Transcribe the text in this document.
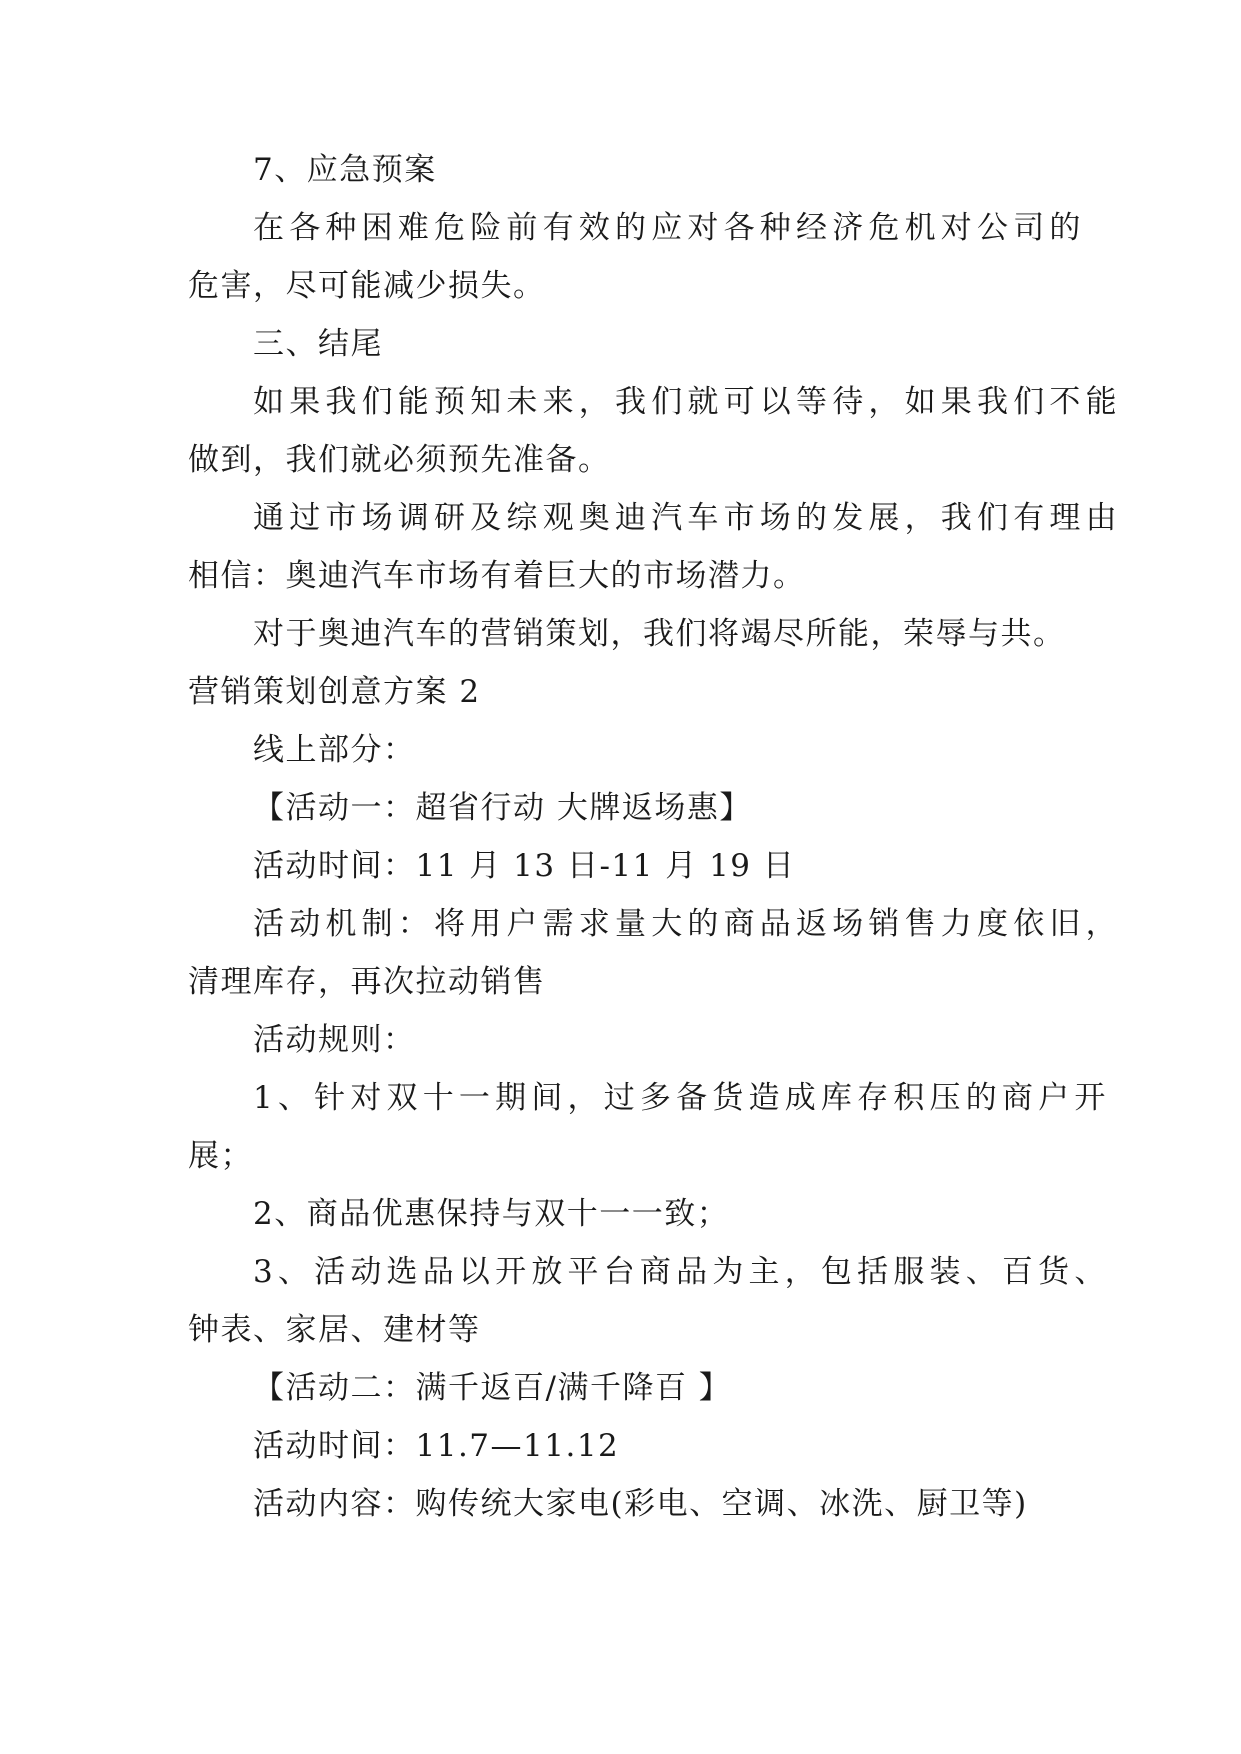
7、应急预案
在各种困难危险前有效的应对各种经济危机对公司的
危害，尽可能减少损失。
三、结尾
如果我们能预知未来，我们就可以等待，如果我们不能
做到，我们就必须预先准备。
通过市场调研及综观奥迪汽车市场的发展，我们有理由
相信：奥迪汽车市场有着巨大的市场潜力。
对于奥迪汽车的营销策划，我们将竭尽所能，荣辱与共。
营销策划创意方案 2
线上部分：
【活动一：超省行动 大牌返场惠】
活动时间：11 月 13 日-11 月 19 日
活动机制：将用户需求量大的商品返场销售力度依旧，
清理库存，再次拉动销售
活动规则：
1、针对双十一期间，过多备货造成库存积压的商户开
展；
2、商品优惠保持与双十一一致；
3、活动选品以开放平台商品为主，包括服装、百货、
钟表、家居、建材等
【活动二：满千返百/满千降百 】
活动时间：11.7—11.12
活动内容：购传统大家电(彩电、空调、冰洗、厨卫等)
